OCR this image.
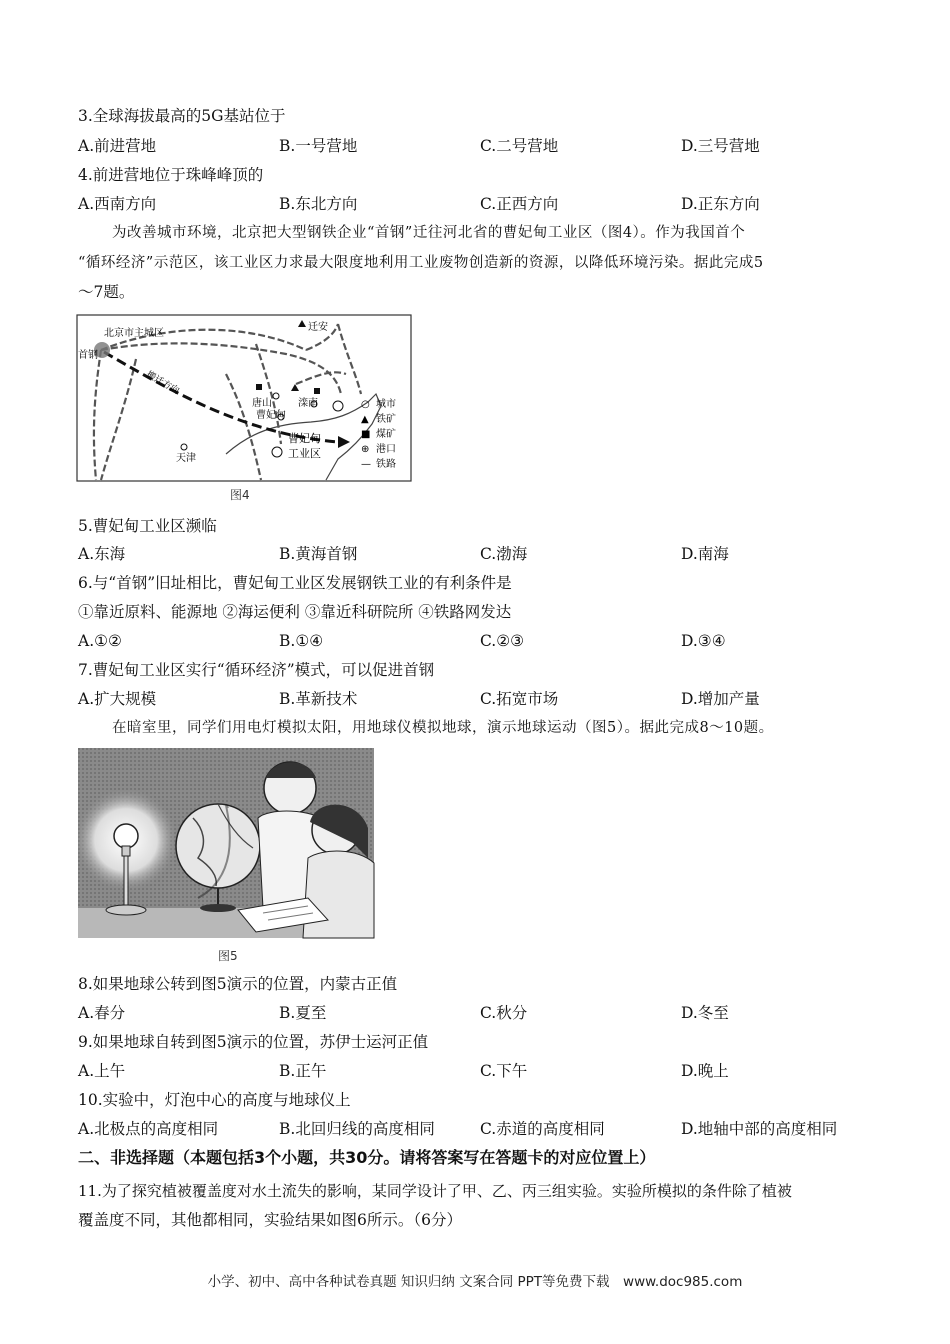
3.全球海拔最高的5G基站位于
A.前进营地	B.一号营地	C.二号营地	D.三号营地
4.前进营地位于珠峰峰顶的
A.西南方向	B.东北方向	C.正西方向	D.正东方向
为改善城市环境，北京把大型钢铁企业“首钢”迁往河北省的曹妃甸工业区（图4）。作为我国首个
“循环经济”示范区，该工业区力求最大限度地利用工业废物创造新的资源，以降低环境污染。据此完成5
～7题。
北京市主城区
首钢
迁安
唐山	滦南
曹妃甸
天津
曹妃甸
工业区
搬迁方向
○ 城市
▲ 铁矿
■ 煤矿
⊕ 港口
— 铁路
图4
5.曹妃甸工业区濒临
A.东海	B.黄海首钢	C.渤海	D.南海
6.与“首钢”旧址相比，曹妃甸工业区发展钢铁工业的有利条件是
①靠近原料、能源地 ②海运便利 ③靠近科研院所 ④铁路网发达
A.①②	B.①④	C.②③	D.③④
7.曹妃甸工业区实行“循环经济”模式，可以促进首钢
A.扩大规模	B.革新技术	C.拓宽市场	D.增加产量
在暗室里，同学们用电灯模拟太阳，用地球仪模拟地球，演示地球运动（图5）。据此完成8～10题。
图5
8.如果地球公转到图5演示的位置，内蒙古正值
A.春分	B.夏至	C.秋分	D.冬至
9.如果地球自转到图5演示的位置，苏伊士运河正值
A.上午	B.正午	C.下午	D.晚上
10.实验中，灯泡中心的高度与地球仪上
A.北极点的高度相同	B.北回归线的高度相同	C.赤道的高度相同	D.地轴中部的高度相同
二、非选择题（本题包括3个小题，共30分。请将答案写在答题卡的对应位置上）
11.为了探究植被覆盖度对水土流失的影响，某同学设计了甲、乙、丙三组实验。实验所模拟的条件除了植被
覆盖度不同，其他都相同，实验结果如图6所示。（6分）
小学、初中、高中各种试卷真题 知识归纳 文案合同 PPT等免费下载　www.doc985.com
